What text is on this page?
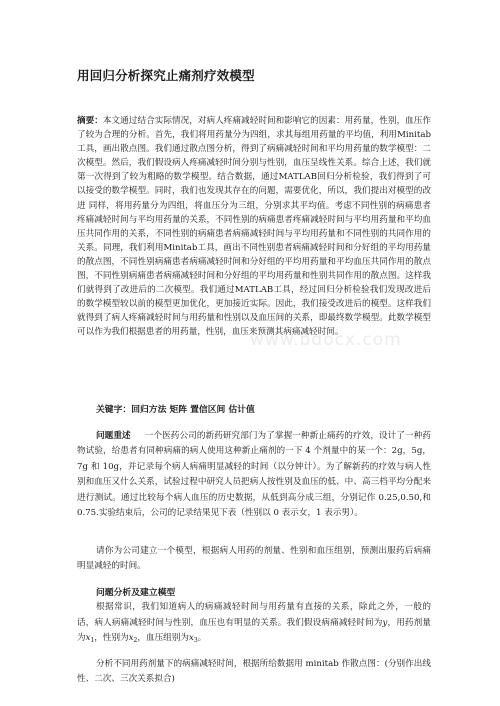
www.bdocx.com
用回归分析探究止痛剂疗效模型
摘要：本文通过结合实际情况，对病人疼痛减轻时间和影响它的因素：用药量，性别，血压作了较为合理的分析。首先，我们将用药量分为四组，求其每组用药量的平均值，利用Minitab工具，画出散点图。我们通过散点图分析，得到了病痛减轻时间和平均用药量的数学模型：二次模型。然后，我们假设病人疼痛减轻时间分别与性别，血压呈线性关系。综合上述，我们就第一次得到了较为粗略的数学模型。结合数据，通过MATLAB回归分析检验，我们得到了可以接受的数学模型。同时，我们也发现其存在的问题，需要优化，所以，我们提出对模型的改进 同样，将用药量分为四组，将血压分为三组，分别求其平均值。考虑不同性别的病痛患者疼痛减轻时间与平均用药量的关系，不同性别的病痛患者疼痛减轻时间与平均用药量和平均血压共同作用的关系，不同性别的病痛患者病痛减轻时间与平均用药量和不同性别的共同作用的关系。同理，我们利用Minitab工具，画出不同性别患者病痛减轻时间和分好组的平均用药量的散点图，不同性别病痛患者病痛减轻时间和分好组的平均用药量和平均血压共同作用的散点图，不同性别病痛患者病痛减轻时间和分好组的平均用药量和性别共同作用的散点图。这样我们就得到了改进后的二次模型。我们通过MATLAB工具，经过回归分析检验我们发现改进后的数学模型较以前的模型更加优化，更加接近实际。因此，我们接受改进后的模型。这样我们就得到了病人疼痛减轻时间与用药量和性别以及血压间的关系，即最终数学模型。此数学模型可以作为我们根据患者的用药量，性别，血压来预测其病痛减轻时间。
关键字：回归方法 矩阵 置信区间 估计值
问题重述 一个医药公司的新药研究部门为了掌握一种新止痛药的疗效，设计了一种药物试验，给患者有同种病痛的病人使用这种新止痛剂的一下 4 个剂量中的某一个：2g，5g，7g 和 10g，并记录每个病人病痛明显减轻的时间（以分钟计）。为了解新药的疗效与病人性别和血压又什么关系，试验过程中研究人员把病人按性别及血压的低、中、高三档平均分配来进行测试。通过比较每个病人血压的历史数据，从低到高分成三组，分别记作 0.25,0.50,和 0.75.实验结束后，公司的记录结果见下表（性别以 0 表示女，1 表示男）。
请你为公司建立一个模型，根据病人用药的剂量、性别和血压组别，预测出服药后病痛明显减轻的时间。
问题分析及建立模型
根据常识，我们知道病人的病痛减轻时间与用药量有直接的关系，除此之外，一般的话，病人病痛减轻时间与性别，血压也有明显的关系。我们假设病痛减轻时间为y，用药剂量为$x_1$，性别为$x_2$，血压组别为$x_3$。
分析不同用药剂量下的病痛减轻时间，根据所给数据用 minitab 作散点图：(分别作出线性、二次、三次关系拟合)
